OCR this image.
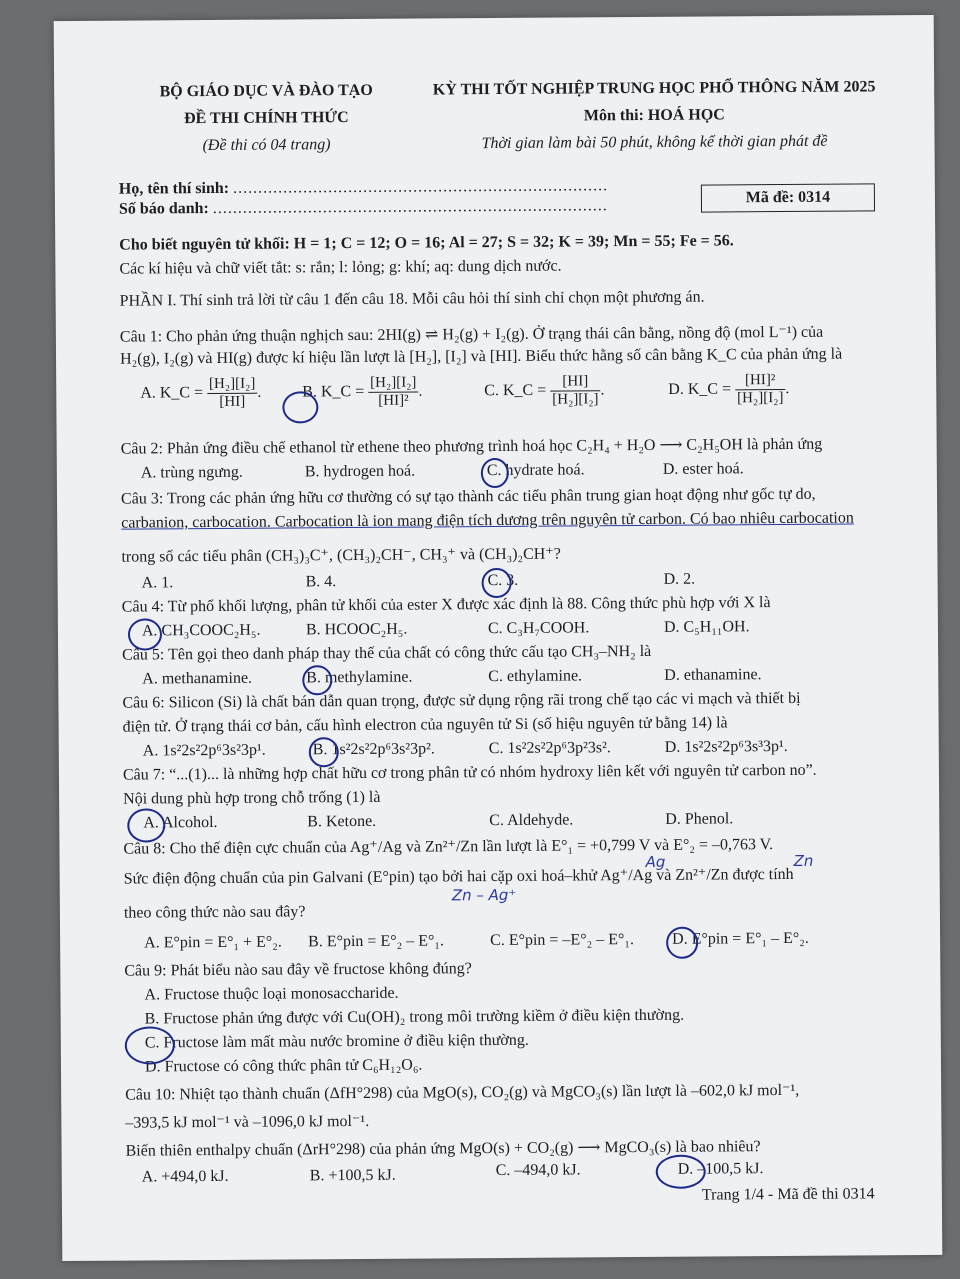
BỘ GIÁO DỤC VÀ ĐÀO TẠO
ĐỀ THI CHÍNH THỨC
(Đề thi có 04 trang)
KỲ THI TỐT NGHIỆP TRUNG HỌC PHỔ THÔNG NĂM 2025
Môn thi: HOÁ HỌC
Thời gian làm bài 50 phút, không kể thời gian phát đề
Họ, tên thí sinh: ...........................................................................
Số báo danh: ...............................................................................	Mã đề: 0314
Cho biết nguyên tử khối: H = 1; C = 12; O = 16; Al = 27; S = 32; K = 39; Mn = 55; Fe = 56.
Các kí hiệu và chữ viết tắt: s: rắn; l: lỏng; g: khí; aq: dung dịch nước.
PHẦN I. Thí sinh trả lời từ câu 1 đến câu 18. Mỗi câu hỏi thí sinh chỉ chọn một phương án.
Câu 1: Cho phản ứng thuận nghịch sau: 2HI(g) ⇌ H₂(g) + I₂(g). Ở trạng thái cân bằng, nồng độ (mol L⁻¹) của
H₂(g), I₂(g) và HI(g) được kí hiệu lần lượt là [H₂], [I₂] và [HI]. Biểu thức hằng số cân bằng K_C của phản ứng là
A. K_C = $\frac{\text{[H₂][I₂]}}{[HI]}$ .	B. K_C = $\frac{\text{[H₂][I₂]}}{\text{[HI]²}}$ .	C. K_C = $\frac{[HI]}{\text{[H₂][I₂]}}$ .	D. K_C = $\frac{\text{[HI]²}}{\text{[H₂][I₂]}}$ .
Câu 2: Phản ứng điều chế ethanol từ ethene theo phương trình hoá học C₂H₄ + H₂O ⟶ C₂H₅OH là phản ứng
A. trùng ngưng.	B. hydrogen hoá.	C. hydrate hoá.	D. ester hoá.
Câu 3: Trong các phản ứng hữu cơ thường có sự tạo thành các tiểu phân trung gian hoạt động như gốc tự do,
carbanion, carbocation. Carbocation là ion mang điện tích dương trên nguyên tử carbon. Có bao nhiêu carbocation
trong số các tiểu phân (CH₃)₃C⁺, (CH₃)₂CH⁻, CH₃⁺ và (CH₃)₂CH⁺?
A. 1.	B. 4.	C. 3.	D. 2.
Câu 4: Từ phổ khối lượng, phân tử khối của ester X được xác định là 88. Công thức phù hợp với X là
A. CH₃COOC₂H₅.	B. HCOOC₂H₅.	C. C₃H₇COOH.	D. C₅H₁₁OH.
Câu 5: Tên gọi theo danh pháp thay thế của chất có công thức cấu tạo CH₃–NH₂ là
A. methanamine.	B. methylamine.	C. ethylamine.	D. ethanamine.
Câu 6: Silicon (Si) là chất bán dẫn quan trọng, được sử dụng rộng rãi trong chế tạo các vi mạch và thiết bị
điện tử. Ở trạng thái cơ bản, cấu hình electron của nguyên tử Si (số hiệu nguyên tử bằng 14) là
A. 1s²2s²2p⁶3s²3p¹.	B. 1s²2s²2p⁶3s²3p².	C. 1s²2s²2p⁶3p²3s².	D. 1s²2s²2p⁶3s³3p¹.
Câu 7: “...(1)... là những hợp chất hữu cơ trong phân tử có nhóm hydroxy liên kết với nguyên tử carbon no”.
Nội dung phù hợp trong chỗ trống (1) là
A. Alcohol.	B. Ketone.	C. Aldehyde.	D. Phenol.
Câu 8: Cho thế điện cực chuẩn của Ag⁺/Ag và Zn²⁺/Zn lần lượt là E°₁ = +0,799 V và E°₂ = –0,763 V.
Ag	Zn
Sức điện động chuẩn của pin Galvani (E°pin) tạo bởi hai cặp oxi hoá–khử Ag⁺/Ag và Zn²⁺/Zn được tính
Zn – Ag⁺
theo công thức nào sau đây?
A. E°pin = E°₁ + E°₂. B. E°pin = E°₂ – E°₁.	C. E°pin = –E°₂ – E°₁. D. E°pin = E°₁ – E°₂.
Câu 9: Phát biểu nào sau đây về fructose không đúng?
A. Fructose thuộc loại monosaccharide.
B. Fructose phản ứng được với Cu(OH)₂ trong môi trường kiềm ở điều kiện thường.
C. Fructose làm mất màu nước bromine ở điều kiện thường.
D. Fructose có công thức phân tử C₆H₁₂O₆.
Câu 10: Nhiệt tạo thành chuẩn (ΔfH°298) của MgO(s), CO₂(g) và MgCO₃(s) lần lượt là –602,0 kJ mol⁻¹,
–393,5 kJ mol⁻¹ và –1096,0 kJ mol⁻¹.
Biến thiên enthalpy chuẩn (ΔrH°298) của phản ứng MgO(s) + CO₂(g) ⟶ MgCO₃(s) là bao nhiêu?
A. +494,0 kJ.	B. +100,5 kJ.	C. –494,0 kJ.	D. –100,5 kJ.
Trang 1/4 - Mã đề thi 0314
